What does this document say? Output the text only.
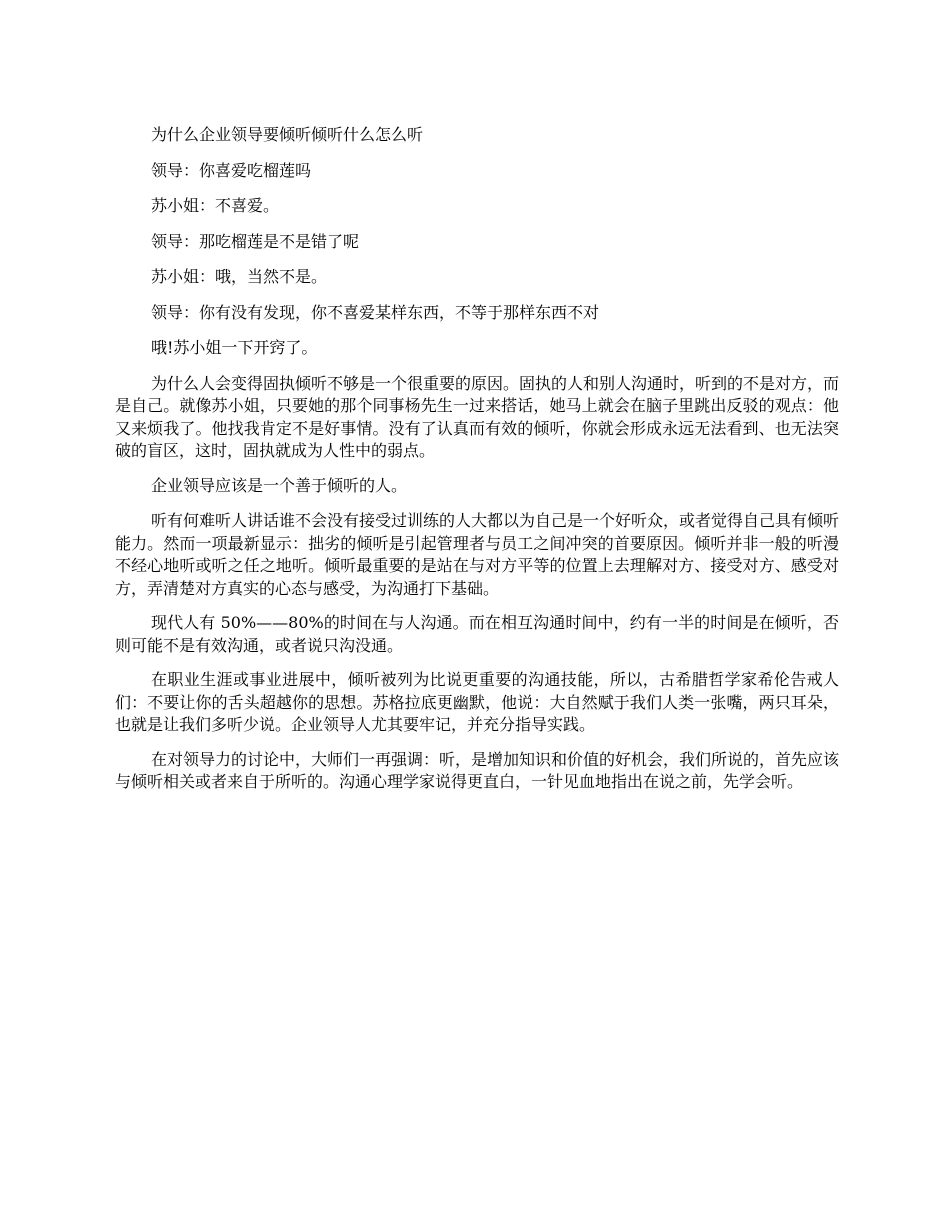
为什么企业领导要倾听倾听什么怎么听

领导：你喜爱吃榴莲吗

苏小姐：不喜爱。

领导：那吃榴莲是不是错了呢

苏小姐：哦，当然不是。

领导：你有没有发现，你不喜爱某样东西，不等于那样东西不对

哦!苏小姐一下开窍了。

为什么人会变得固执倾听不够是一个很重要的原因。固执的人和别人沟通时，听到的不是对方，而是自己。就像苏小姐，只要她的那个同事杨先生一过来搭话，她马上就会在脑子里跳出反驳的观点：他又来烦我了。他找我肯定不是好事情。没有了认真而有效的倾听，你就会形成永远无法看到、也无法突破的盲区，这时，固执就成为人性中的弱点。

企业领导应该是一个善于倾听的人。

听有何难听人讲话谁不会没有接受过训练的人大都以为自己是一个好听众，或者觉得自己具有倾听能力。然而一项最新显示：拙劣的倾听是引起管理者与员工之间冲突的首要原因。倾听并非一般的听漫不经心地听或听之任之地听。倾听最重要的是站在与对方平等的位置上去理解对方、接受对方、感受对方，弄清楚对方真实的心态与感受，为沟通打下基础。

现代人有 50%——80%的时间在与人沟通。而在相互沟通时间中，约有一半的时间是在倾听，否则可能不是有效沟通，或者说只沟没通。

在职业生涯或事业进展中，倾听被列为比说更重要的沟通技能，所以，古希腊哲学家希伦告戒人们：不要让你的舌头超越你的思想。苏格拉底更幽默，他说：大自然赋于我们人类一张嘴，两只耳朵，也就是让我们多听少说。企业领导人尤其要牢记，并充分指导实践。

在对领导力的讨论中，大师们一再强调：听，是增加知识和价值的好机会，我们所说的，首先应该与倾听相关或者来自于所听的。沟通心理学家说得更直白，一针见血地指出在说之前，先学会听。
